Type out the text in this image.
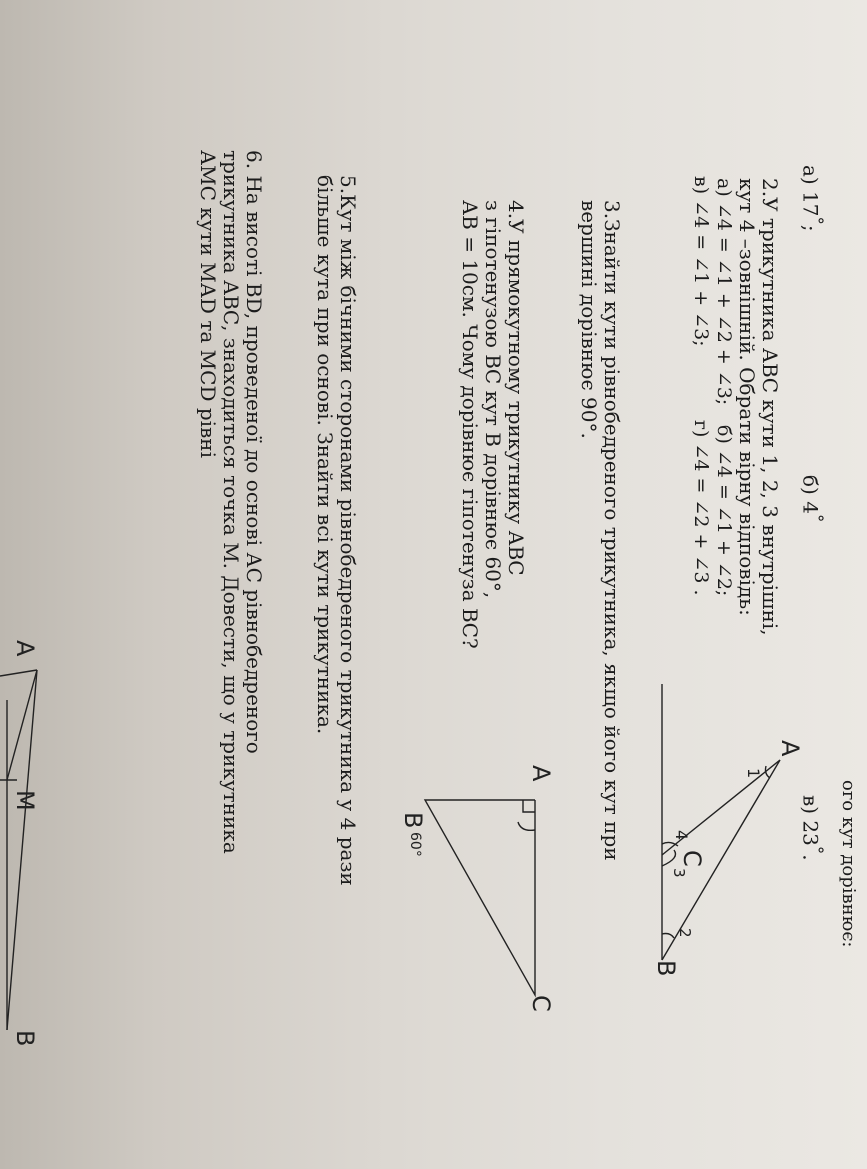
ого кут дорівнює:
а) 17°;
б) 4°
в) 23°.
2.У трикутника АВС кути 1, 2, 3 внутрішні,
кут 4 –зовнішній. Обрати вірну відповідь:
а) ∠4 = ∠1 + ∠2 + ∠3;
б) ∠4 = ∠1 + ∠2;
в) ∠4 = ∠1 + ∠3;
г) ∠4 = ∠2 + ∠3 .
A
B
C
1
2
3
4
3.Знайти кути рівнобедреного трикутника, якщо його кут при
вершині дорівнює 90°.
4.У прямокутному трикутнику АВС
з гіпотенузою ВС кут В дорівнює 60°,
АВ = 10см. Чому дорівнює гіпотенуза ВС?
A
C
B
60°
5.Кут між бічними сторонами рівнобедреного трикутника у 4 рази
більше кута при основі. Знайти всі кути трикутника.
6. На висоті ВD, проведеної до основі АС рівнобедреного
трикутника АВС, знаходиться точка М. Довести, що у трикутника
АМС кути МАD та МСD рівні
A
B
M
